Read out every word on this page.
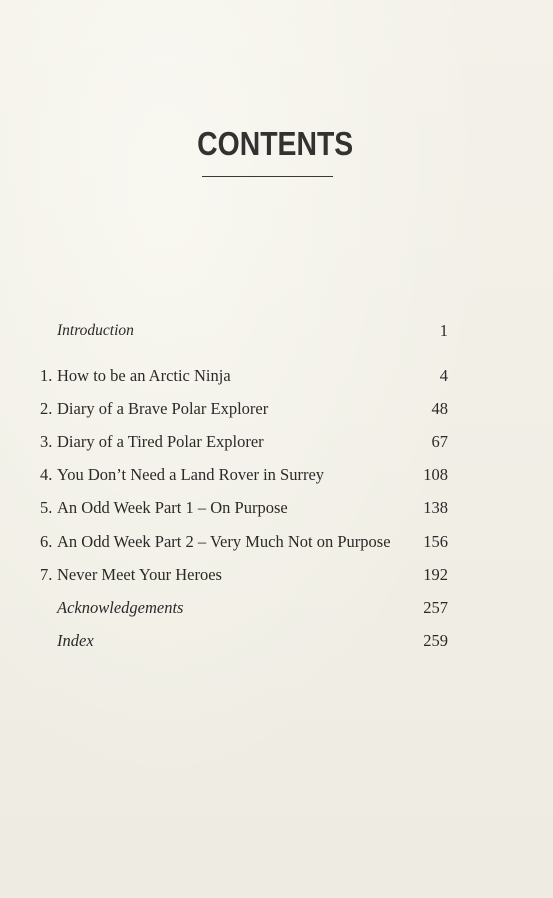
CONTENTS
Introduction	1
1. How to be an Arctic Ninja	4
2. Diary of a Brave Polar Explorer	48
3. Diary of a Tired Polar Explorer	67
4. You Don’t Need a Land Rover in Surrey	108
5. An Odd Week Part 1 – On Purpose	138
6. An Odd Week Part 2 – Very Much Not on Purpose 156
7. Never Meet Your Heroes	192
Acknowledgements	257
Index	259
